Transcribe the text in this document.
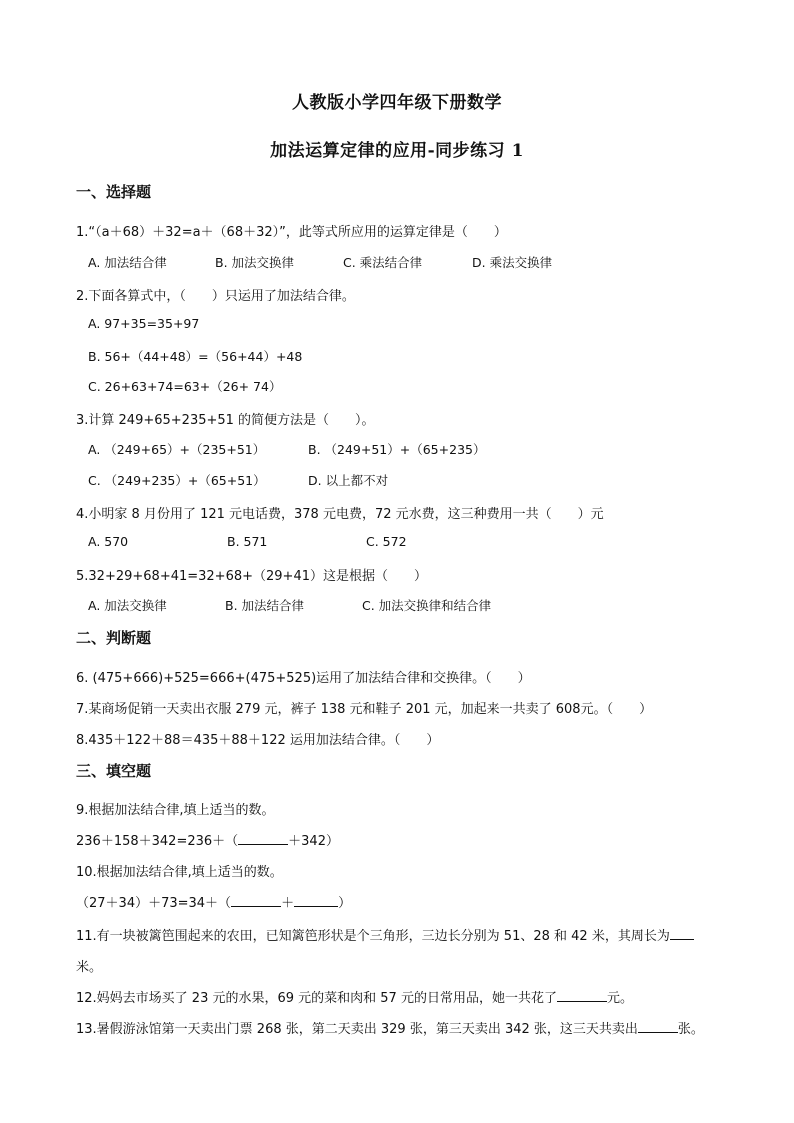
人教版小学四年级下册数学
加法运算定律的应用-同步练习 1
一、选择题
1.“（a＋68）＋32=a＋（68＋32）”，此等式所应用的运算定律是（　　）
A. 加法结合律	B. 加法交换律	C. 乘法结合律	D. 乘法交换律
2.下面各算式中，（　　）只运用了加法结合律。
A. 97+35=35+97
B. 56+（44+48）=（56+44）+48
C. 26+63+74=63+（26+ 74）
3.计算 249+65+235+51 的简便方法是（　　）。
A. （249+65）+（235+51）	B. （249+51）+（65+235）
C. （249+235）+（65+51）	D. 以上都不对
4.小明家 8 月份用了 121 元电话费，378 元电费，72 元水费，这三种费用一共（　　）元
A. 570	B. 571	C. 572
5.32+29+68+41=32+68+（29+41）这是根据（　　）
A. 加法交换律	B. 加法结合律	C. 加法交换律和结合律
二、判断题
6. (475+666)+525=666+(475+525)运用了加法结合律和交换律。（　　）
7.某商场促销一天卖出衣服 279 元，裤子 138 元和鞋子 201 元，加起来一共卖了 608元。（　　）
8.435＋122＋88＝435＋88＋122 运用加法结合律。（　　）
三、填空题
9.根据加法结合律,填上适当的数。
236＋158＋342=236＋（	＋342）
10.根据加法结合律,填上适当的数。
（27＋34）＋73=34＋（	＋	）
11.有一块被篱笆围起来的农田，已知篱笆形状是个三角形，三边长分别为 51、28 和 42 米，其周长为
米。
12.妈妈去市场买了 23 元的水果，69 元的菜和肉和 57 元的日常用品，她一共花了	元。
13.暑假游泳馆第一天卖出门票 268 张，第二天卖出 329 张，第三天卖出 342 张，这三天共卖出	张。
